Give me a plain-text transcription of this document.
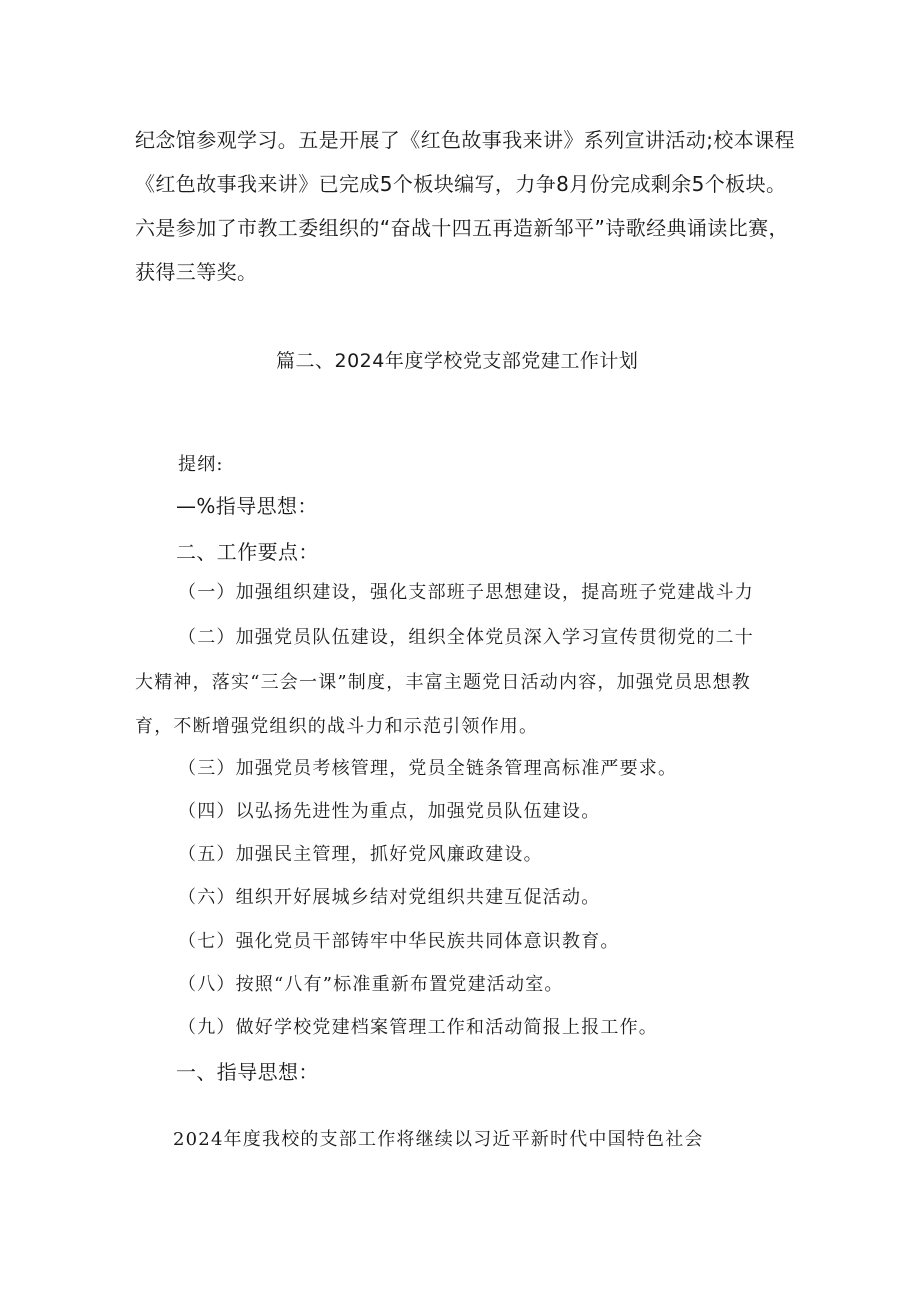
纪念馆参观学习。五是开展了《红色故事我来讲》系列宣讲活动;校本课程
《红色故事我来讲》已完成5个板块编写，力争8月份完成剩余5个板块。
六是参加了市教工委组织的“奋战十四五再造新邹平”诗歌经典诵读比赛，
获得三等奖。
篇二、2024年度学校党支部党建工作计划
提纲:
—%指导思想：
二、工作要点：
（一）加强组织建设，强化支部班子思想建设，提高班子党建战斗力
（二）加强党员队伍建设，组织全体党员深入学习宣传贯彻党的二十
大精神，落实“三会一课”制度，丰富主题党日活动内容，加强党员思想教
育，不断增强党组织的战斗力和示范引领作用。
（三）加强党员考核管理，党员全链条管理高标准严要求。
（四）以弘扬先进性为重点，加强党员队伍建设。
（五）加强民主管理，抓好党风廉政建设。
（六）组织开好展城乡结对党组织共建互促活动。
（七）强化党员干部铸牢中华民族共同体意识教育。
（八）按照“八有”标准重新布置党建活动室。
（九）做好学校党建档案管理工作和活动简报上报工作。
一、指导思想：
2024年度我校的支部工作将继续以习近平新时代中国特色社会
